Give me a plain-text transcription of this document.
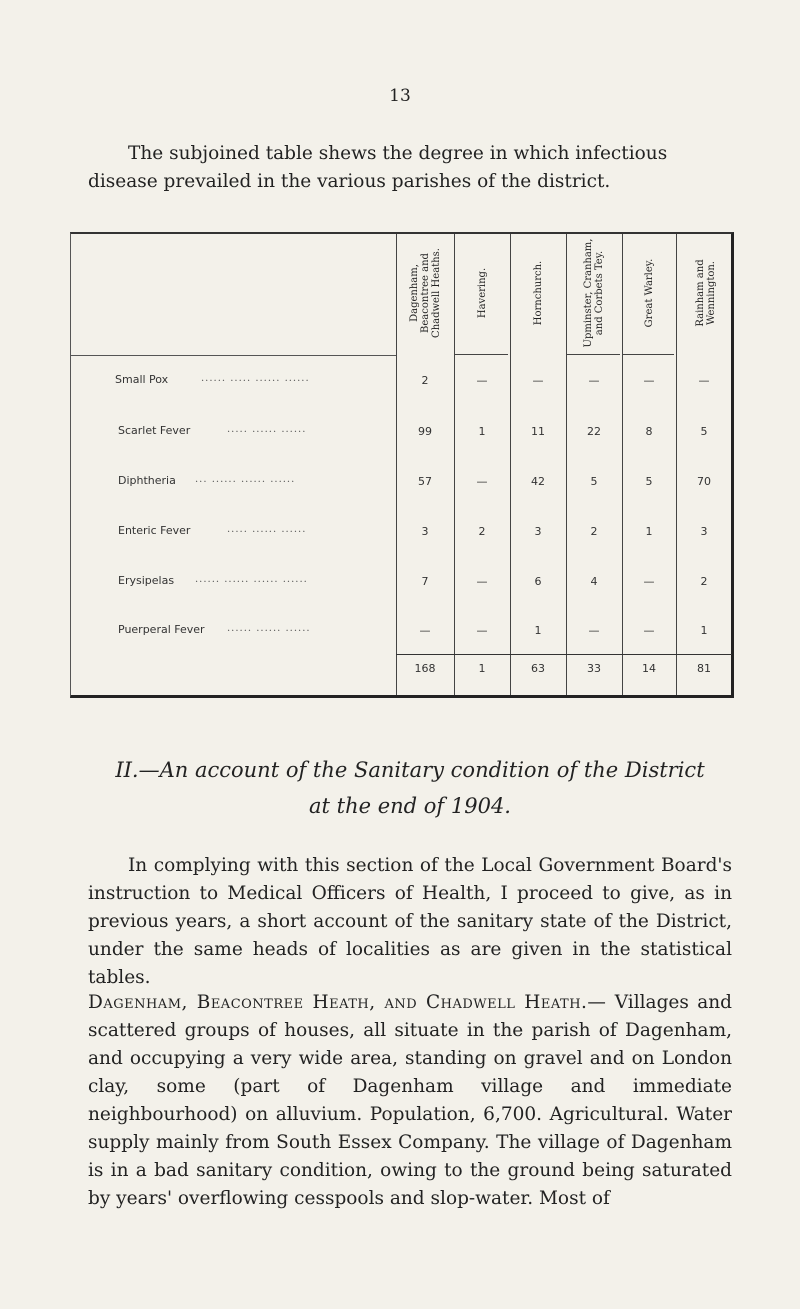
13
The subjoined table shews the degree in which infectious disease prevailed in the various parishes of the district.
Dagenham, Beacontree and Chadwell Heaths.	Havering.	Hornchurch.	Upminster, Cranham, and Corbets Tey.	Great Warley.	Rainham and Wennington.
Small Pox	...... ..... ...... ......	2	—	—	—	—	—
Scarlet Fever	..... ...... ......	99	1	11	22	8	5
Diphtheria ... ...... ...... ......	57	—	42	5	5	70
Enteric Fever	..... ...... ......	3	2	3	2	1	3
Erysipelas ...... ...... ...... ......	7	—	6	4	—	2
Puerperal Fever ...... ...... ......	—	—	1	—	—	1
168	1	63	33	14	81
II.—An account of the Sanitary condition of the District
at the end of 1904.
In complying with this section of the Local Government Board's instruction to Medical Officers of Health, I proceed to give, as in previous years, a short account of the sanitary state of the District, under the same heads of localities as are given in the statistical tables.
Dagenham, Beacontree Heath, and Chadwell Heath.— Villages and scattered groups of houses, all situate in the parish of Dagenham, and occupying a very wide area, standing on gravel and on London clay, some (part of Dagenham village and immediate neighbourhood) on alluvium. Population, 6,700. Agricultural. Water supply mainly from South Essex Company. The village of Dagenham is in a bad sanitary condition, owing to the ground being saturated by years' overflowing cesspools and slop-water. Most of
